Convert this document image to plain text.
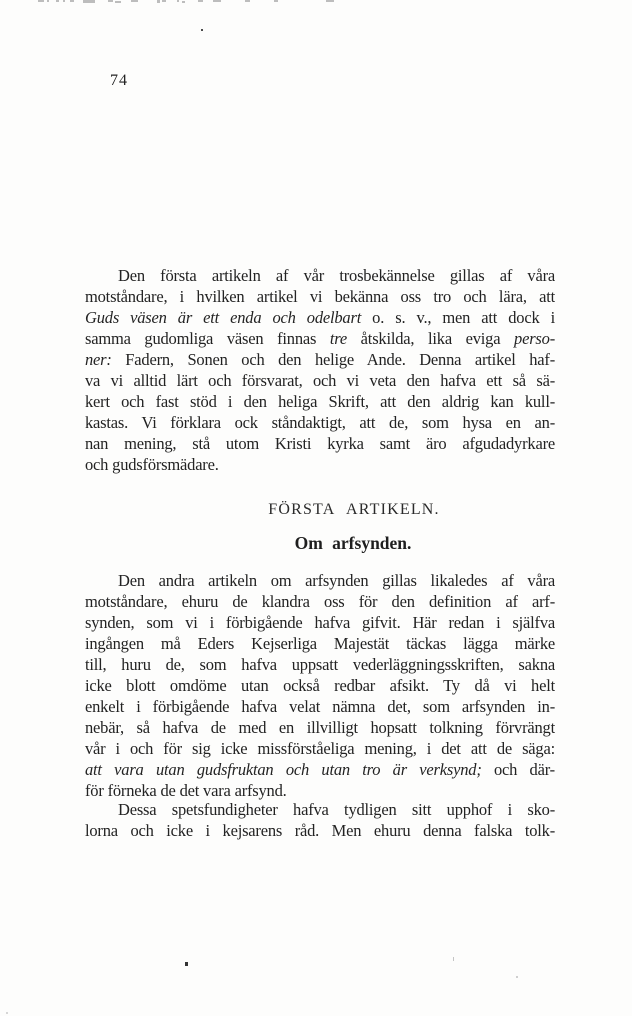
74
Den första artikeln af vår trosbekännelse gillas af våra
motståndare, i hvilken artikel vi bekänna oss tro och lära, att
Guds väsen är ett enda och odelbart o. s. v., men att dock i
samma gudomliga väsen finnas tre åtskilda, lika eviga perso-
ner: Fadern, Sonen och den helige Ande. Denna artikel haf-
va vi alltid lärt och försvarat, och vi veta den hafva ett så sä-
kert och fast stöd i den heliga Skrift, att den aldrig kan kull-
kastas. Vi förklara ock ståndaktigt, att de, som hysa en an-
nan mening, stå utom Kristi kyrka samt äro afgudadyrkare
och gudsförsmädare.
FÖRSTA ARTIKELN.
Om arfsynden.
Den andra artikeln om arfsynden gillas likaledes af våra
motståndare, ehuru de klandra oss för den definition af arf-
synden, som vi i förbigående hafva gifvit. Här redan i själfva
ingången må Eders Kejserliga Majestät täckas lägga märke
till, huru de, som hafva uppsatt vederläggningsskriften, sakna
icke blott omdöme utan också redbar afsikt. Ty då vi helt
enkelt i förbigående hafva velat nämna det, som arfsynden in-
nebär, så hafva de med en illvilligt hopsatt tolkning förvrängt
vår i och för sig icke missförståeliga mening, i det att de säga:
att vara utan gudsfruktan och utan tro är verksynd; och där-
för förneka de det vara arfsynd.
Dessa spetsfundigheter hafva tydligen sitt upphof i sko-
lorna och icke i kejsarens råd. Men ehuru denna falska tolk-
